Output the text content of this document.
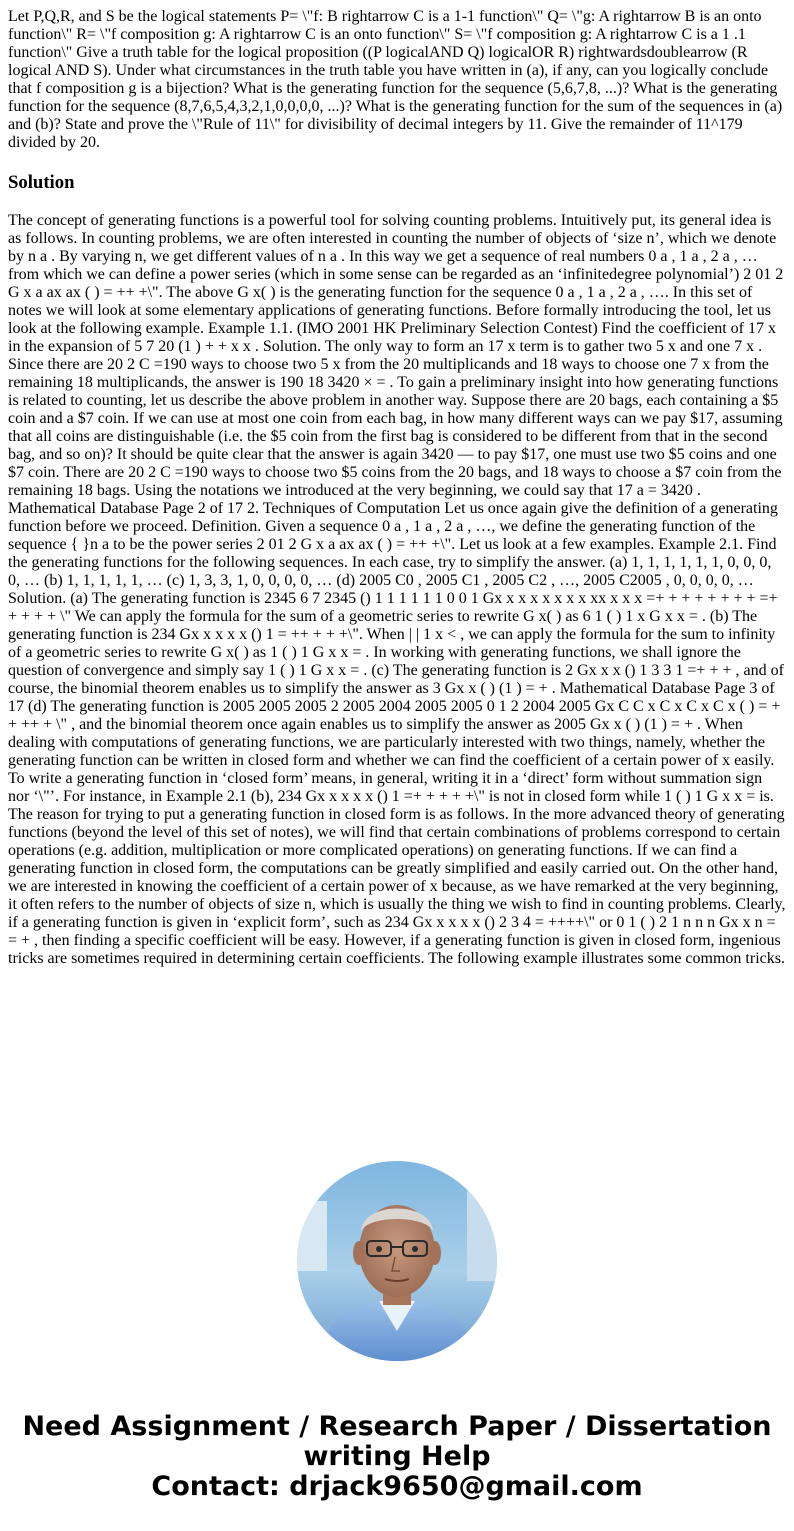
Let P,Q,R, and S be the logical statements P= \"f: B rightarrow C is a 1-1 function\" Q= \"g: A rightarrow B is an onto function\" R= \"f composition g: A rightarrow C is an onto function\" S= \"f composition g: A rightarrow C is a 1 .1 function\" Give a truth table for the logical proposition ((P logicalAND Q) logicalOR R) rightwardsdoublearrow (R logical AND S). Under what circumstances in the truth table you have written in (a), if any, can you logically conclude that f composition g is a bijection? What is the generating function for the sequence (5,6,7,8, ...)? What is the generating function for the sequence (8,7,6,5,4,3,2,1,0,0,0,0, ...)? What is the generating function for the sum of the sequences in (a) and (b)? State and prove the \"Rule of 11\" for divisibility of decimal integers by 11. Give the remainder of 11^179 divided by 20.

Solution

The concept of generating functions is a powerful tool for solving counting problems. Intuitively put, its general idea is as follows. In counting problems, we are often interested in counting the number of objects of ‘size n’, which we denote by n a . By varying n, we get different values of n a . In this way we get a sequence of real numbers 0 a , 1 a , 2 a , … from which we can define a power series (which in some sense can be regarded as an ‘infinitedegree polynomial’) 2 01 2 G x a ax ax ( ) = ++ +\". The above G x( ) is the generating function for the sequence 0 a , 1 a , 2 a , …. In this set of notes we will look at some elementary applications of generating functions. Before formally introducing the tool, let us look at the following example. Example 1.1. (IMO 2001 HK Preliminary Selection Contest) Find the coefficient of 17 x in the expansion of 5 7 20 (1 ) + + x x . Solution. The only way to form an 17 x term is to gather two 5 x and one 7 x . Since there are 20 2 C =190 ways to choose two 5 x from the 20 multiplicands and 18 ways to choose one 7 x from the remaining 18 multiplicands, the answer is 190 18 3420 × = . To gain a preliminary insight into how generating functions is related to counting, let us describe the above problem in another way. Suppose there are 20 bags, each containing a $5 coin and a $7 coin. If we can use at most one coin from each bag, in how many different ways can we pay $17, assuming that all coins are distinguishable (i.e. the $5 coin from the first bag is considered to be different from that in the second bag, and so on)? It should be quite clear that the answer is again 3420 — to pay $17, one must use two $5 coins and one $7 coin. There are 20 2 C =190 ways to choose two $5 coins from the 20 bags, and 18 ways to choose a $7 coin from the remaining 18 bags. Using the notations we introduced at the very beginning, we could say that 17 a = 3420 . Mathematical Database Page 2 of 17 2. Techniques of Computation Let us once again give the definition of a generating function before we proceed. Definition. Given a sequence 0 a , 1 a , 2 a , …, we define the generating function of the sequence { }n a to be the power series 2 01 2 G x a ax ax ( ) = ++ +\". Let us look at a few examples. Example 2.1. Find the generating functions for the following sequences. In each case, try to simplify the answer. (a) 1, 1, 1, 1, 1, 1, 0, 0, 0, 0, … (b) 1, 1, 1, 1, 1, … (c) 1, 3, 3, 1, 0, 0, 0, 0, … (d) 2005 C0 , 2005 C1 , 2005 C2 , …, 2005 C2005 , 0, 0, 0, 0, … Solution. (a) The generating function is 2345 6 7 2345 () 1 1 1 1 1 1 0 0 1 Gx x x x x x x x xx x x x =+ + + + + + + + =+ + + + + \" We can apply the formula for the sum of a geometric series to rewrite G x( ) as 6 1 ( ) 1 x G x x = . (b) The generating function is 234 Gx x x x x () 1 = ++ + + +\". When | | 1 x < , we can apply the formula for the sum to infinity of a geometric series to rewrite G x( ) as 1 ( ) 1 G x x = . In working with generating functions, we shall ignore the question of convergence and simply say 1 ( ) 1 G x x = . (c) The generating function is 2 Gx x x () 1 3 3 1 =+ + + , and of course, the binomial theorem enables us to simplify the answer as 3 Gx x ( ) (1 ) = + . Mathematical Database Page 3 of 17 (d) The generating function is 2005 2005 2005 2 2005 2004 2005 2005 0 1 2 2004 2005 Gx C C x C x C x C x ( ) = + + ++ + \" , and the binomial theorem once again enables us to simplify the answer as 2005 Gx x ( ) (1 ) = + . When dealing with computations of generating functions, we are particularly interested with two things, namely, whether the generating function can be written in closed form and whether we can find the coefficient of a certain power of x easily. To write a generating function in ‘closed form’ means, in general, writing it in a ‘direct’ form without summation sign nor ‘\"’. For instance, in Example 2.1 (b), 234 Gx x x x x () 1 =+ + + + +\" is not in closed form while 1 ( ) 1 G x x = is. The reason for trying to put a generating function in closed form is as follows. In the more advanced theory of generating functions (beyond the level of this set of notes), we will find that certain combinations of problems correspond to certain operations (e.g. addition, multiplication or more complicated operations) on generating functions. If we can find a generating function in closed form, the computations can be greatly simplified and easily carried out. On the other hand, we are interested in knowing the coefficient of a certain power of x because, as we have remarked at the very beginning, it often refers to the number of objects of size n, which is usually the thing we wish to find in counting problems. Clearly, if a generating function is given in ‘explicit form’, such as 234 Gx x x x x () 2 3 4 = ++++\" or 0 1 ( ) 2 1 n n n Gx x n = = + , then finding a specific coefficient will be easy. However, if a generating function is given in closed form, ingenious tricks are sometimes required in determining certain coefficients. The following example illustrates some common tricks.

Need Assignment / Research Paper / Dissertation
writing Help
Contact: drjack9650@gmail.com
